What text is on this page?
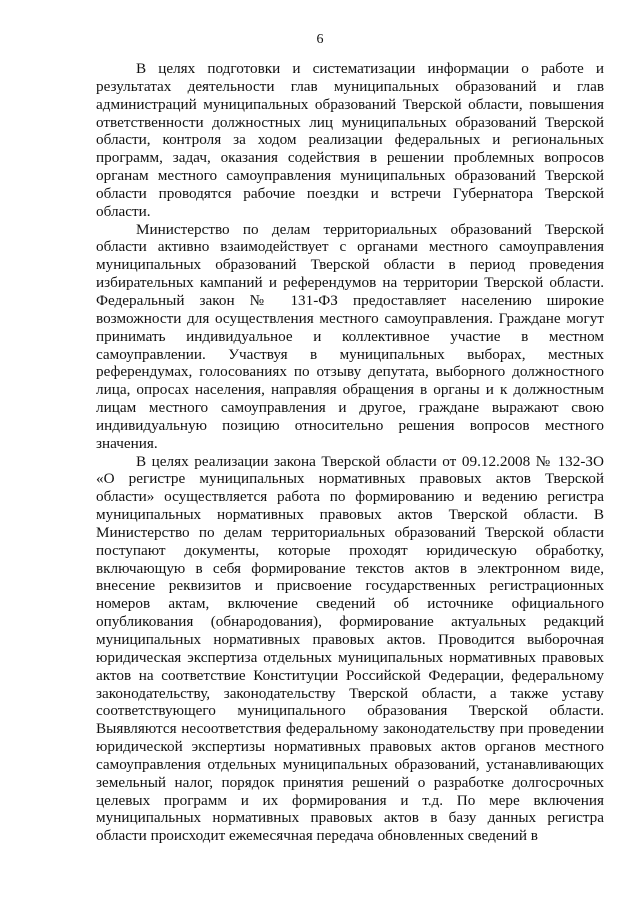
6

В целях подготовки и систематизации информации о работе и результатах деятельности глав муниципальных образований и глав администраций муниципальных образований Тверской области, повышения ответственности должностных лиц муниципальных образований Тверской области, контроля за ходом реализации федеральных и региональных программ, задач, оказания содействия в решении проблемных вопросов органам местного самоуправления муниципальных образований Тверской области проводятся рабочие поездки и встречи Губернатора Тверской области.

Министерство по делам территориальных образований Тверской области активно взаимодействует с органами местного самоуправления муниципальных образований Тверской области в период проведения избирательных кампаний и референдумов на территории Тверской области. Федеральный закон № 131-ФЗ предоставляет населению широкие возможности для осуществления местного самоуправления. Граждане могут принимать индивидуальное и коллективное участие в местном самоуправлении. Участвуя в муниципальных выборах, местных референдумах, голосованиях по отзыву депутата, выборного должностного лица, опросах населения, направляя обращения в органы и к должностным лицам местного самоуправления и другое, граждане выражают свою индивидуальную позицию относительно решения вопросов местного значения.

В целях реализации закона Тверской области от 09.12.2008 № 132-ЗО «О регистре муниципальных нормативных правовых актов Тверской области» осуществляется работа по формированию и ведению регистра муниципальных нормативных правовых актов Тверской области. В Министерство по делам территориальных образований Тверской области поступают документы, которые проходят юридическую обработку, включающую в себя формирование текстов актов в электронном виде, внесение реквизитов и присвоение государственных регистрационных номеров актам, включение сведений об источнике официального опубликования (обнародования), формирование актуальных редакций муниципальных нормативных правовых актов. Проводится выборочная юридическая экспертиза отдельных муниципальных нормативных правовых актов на соответствие Конституции Российской Федерации, федеральному законодательству, законодательству Тверской области, а также уставу соответствующего муниципального образования Тверской области. Выявляются несоответствия федеральному законодательству при проведении юридической экспертизы нормативных правовых актов органов местного самоуправления отдельных муниципальных образований, устанавливающих земельный налог, порядок принятия решений о разработке долгосрочных целевых программ и их формирования и т.д. По мере включения муниципальных нормативных правовых актов в базу данных регистра области происходит ежемесячная передача обновленных сведений в
